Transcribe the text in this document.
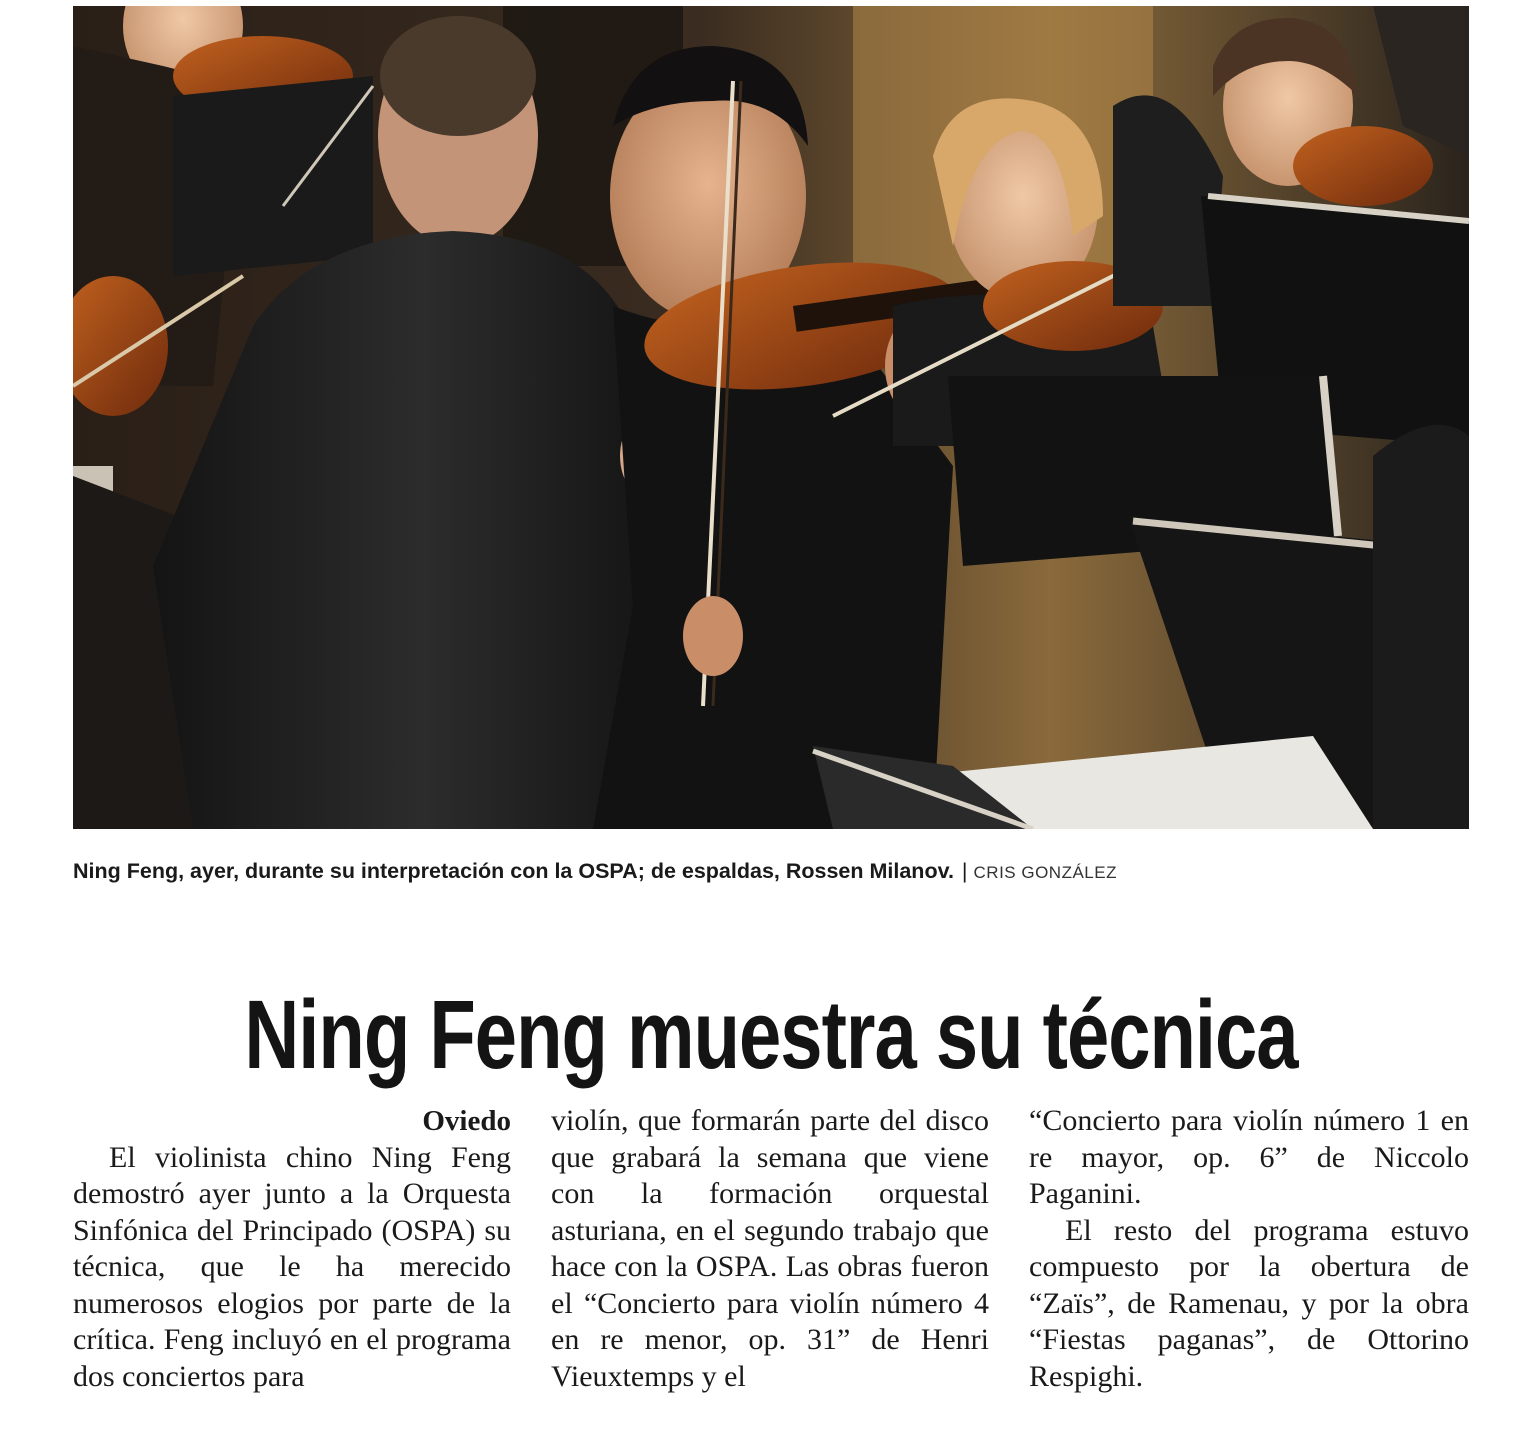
Ning Feng, ayer, durante su interpretación con la OSPA; de espaldas, Rossen Milanov. | CRIS GONZÁLEZ
Ning Feng muestra su técnica

Oviedo

El violinista chino Ning Feng demostró ayer junto a la Orquesta Sinfónica del Principado (OSPA) su técnica, que le ha merecido numerosos elogios por parte de la crítica. Feng incluyó en el programa dos conciertos para

violín, que formarán parte del disco que grabará la semana que viene con la formación orquestal asturiana, en el segundo trabajo que hace con la OSPA. Las obras fueron el “Concierto para violín número 4 en re menor, op. 31” de Henri Vieuxtemps y el

“Concierto para violín número 1 en re mayor, op. 6” de Niccolo Paganini.

El resto del programa estuvo compuesto por la obertura de “Zaïs”, de Ramenau, y por la obra “Fiestas paganas”, de Ottorino Respighi.
